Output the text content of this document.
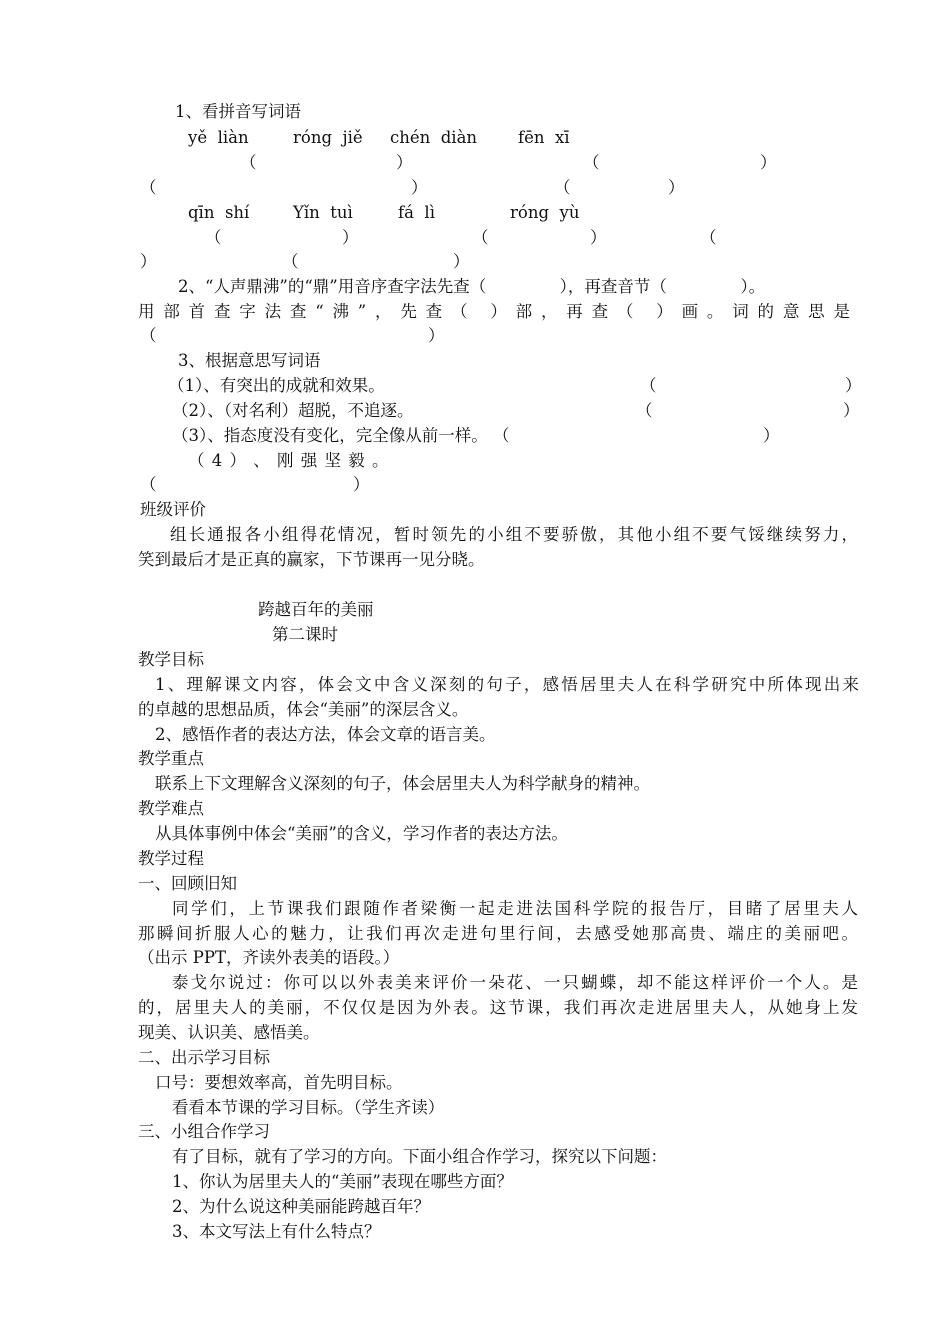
1、看拼音写词语
yě  liàn	róng  jiě chén  diàn fēn  xī
（	）	（	）
（	）	（	）
qīn  shí	Yǐn  tuì	fá  lì	róng  yù
（	）	（	）	（
）	（	）
2、“人声鼎沸”的“鼎”用音序查字法先查（              ），再查音节（              ）。
用部首查字法查“沸”，先查（ ）部，再查（ ）画。词的意思是
（	）
3、根据意思写词语
（1）、有突出的成就和效果。	（	）
（2）、（对名利）超脱，不追逐。	（	）
（3）、指态度没有变化，完全像从前一样。 （	）
（ 4 ） 、 刚 强 坚 毅 。
（	）
班级评价
组长通报各小组得花情况，暂时领先的小组不要骄傲，其他小组不要气馁继续努力，
笑到最后才是正真的赢家，下节课再一见分晓。
跨越百年的美丽
第二课时
教学目标
1、理解课文内容，体会文中含义深刻的句子，感悟居里夫人在科学研究中所体现出来
的卓越的思想品质，体会“美丽”的深层含义。
2、感悟作者的表达方法，体会文章的语言美。
教学重点
联系上下文理解含义深刻的句子，体会居里夫人为科学献身的精神。
教学难点
从具体事例中体会“美丽”的含义，学习作者的表达方法。
教学过程
一、回顾旧知
同学们，上节课我们跟随作者梁衡一起走进法国科学院的报告厅，目睹了居里夫人
那瞬间折服人心的魅力，让我们再次走进句里行间，去感受她那高贵、端庄的美丽吧。
（出示 PPT，齐读外表美的语段。）
泰戈尔说过：你可以以外表美来评价一朵花、一只蝴蝶，却不能这样评价一个人。是
的，居里夫人的美丽，不仅仅是因为外表。这节课，我们再次走进居里夫人，从她身上发
现美、认识美、感悟美。
二、出示学习目标
口号：要想效率高，首先明目标。
看看本节课的学习目标。（学生齐读）
三、小组合作学习
有了目标，就有了学习的方向。下面小组合作学习，探究以下问题：
1、你认为居里夫人的“美丽”表现在哪些方面？
2、为什么说这种美丽能跨越百年？
3、本文写法上有什么特点？
